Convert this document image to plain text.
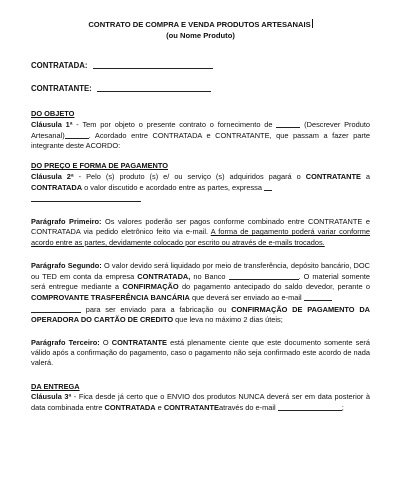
CONTRATO DE COMPRA E VENDA PRODUTOS ARTESANAIS
(ou Nome Produto)
CONTRATADA:
CONTRATANTE:
DO OBJETO

Cláusula 1ª - Tem por objeto o presente contrato o fornecimento de	(Descrever Produto Artesanal)	. Acordado entre CONTRATADA e CONTRATANTE, que passam a fazer parte integrante deste ACORDO:

DO PREÇO E FORMA DE PAGAMENTO

Cláusula 2ª - Pelo (s) produto (s) e/ ou serviço (s) adquiridos pagará o CONTRATANTE a CONTRATADA o valor discutido e acordado entre as partes, expressa

Parágrafo Primeiro: Os valores poderão ser pagos conforme combinado entre CONTRATANTE e CONTRATADA via pedido eletrônico feito via e-mail. A forma de pagamento poderá variar conforme acordo entre as partes, devidamente colocado por escrito ou através de e-mails trocados.

Parágrafo Segundo: O valor devido será liquidado por meio de transferência, depósito bancário, DOC ou TED em conta da empresa CONTRATADA, no Banco	. O material somente será entregue mediante a CONFIRMAÇÃO do pagamento antecipado do saldo devedor, perante o COMPROVANTE TRASFERÊNCIA BANCÁRIA que deverá ser enviado ao e-mail
para ser enviado para a fabricação ou CONFIRMAÇÃO DE PAGAMENTO DA OPERADORA DO CARTÃO DE CREDITO que leva no máximo 2 dias úteis;

Parágrafo Terceiro: O CONTRATANTE está plenamente ciente que este documento somente será válido após a confirmação do pagamento, caso o pagamento não seja confirmado este acordo de nada valerá.

DA ENTREGA

Cláusula 3ª - Fica desde já certo que o ENVIO dos produtos NUNCA deverá ser em data posterior à data combinada entre CONTRATADA e CONTRATANTEatravés do e-mail	;
